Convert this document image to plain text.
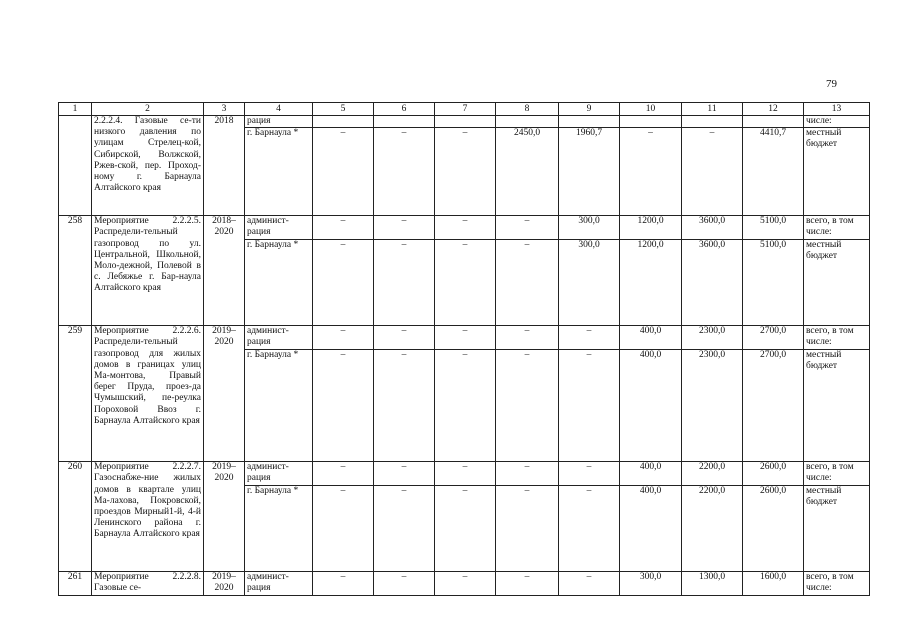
79
1	2	3	4	5	6	7	8	9	10	11	12	13
	2.2.2.4. Газовые се-ти низкого давления по улицам Стрелец-кой, Сибирской, Волжской, Ржев-ской, пер. Проход-ному г. Барнаула Алтайского края	2018	рация									числе:
			г. Барнаула *	–	–	–	2450,0	1960,7	–	–	4410,7	местный бюджет
258	Мероприятие 2.2.2.5. Распредели-тельный газопровод по ул. Центральной, Школьной, Моло-дежной, Полевой в с. Лебяжье г. Бар-наула Алтайского края	2018–2020	админист-рация	–	–	–	–	300,0	1200,0	3600,0	5100,0	всего, в том числе:
			г. Барнаула *	–	–	–	–	300,0	1200,0	3600,0	5100,0	местный бюджет
259	Мероприятие 2.2.2.6. Распредели-тельный газопровод для жилых домов в границах улиц Ма-монтова, Правый берег Пруда, проез-да Чумышский, пе-реулка Пороховой Ввоз г. Барнаула Алтайского края	2019–2020	админист-рация	–	–	–	–	–	400,0	2300,0	2700,0	всего, в том числе:
			г. Барнаула *	–	–	–	–	–	400,0	2300,0	2700,0	местный бюджет
260	Мероприятие 2.2.2.7. Газоснабже-ние жилых домов в квартале улиц Ма-лахова, Покровской, проездов Мирный1-й, 4-й Ленинского района г. Барнаула Алтайского края	2019–2020	админист-рация	–	–	–	–	–	400,0	2200,0	2600,0	всего, в том числе:
			г. Барнаула *	–	–	–	–	–	400,0	2200,0	2600,0	местный бюджет
261	Мероприятие 2.2.2.8. Газовые се-	2019–2020	админист-рация	–	–	–	–	–	300,0	1300,0	1600,0	всего, в том числе:
